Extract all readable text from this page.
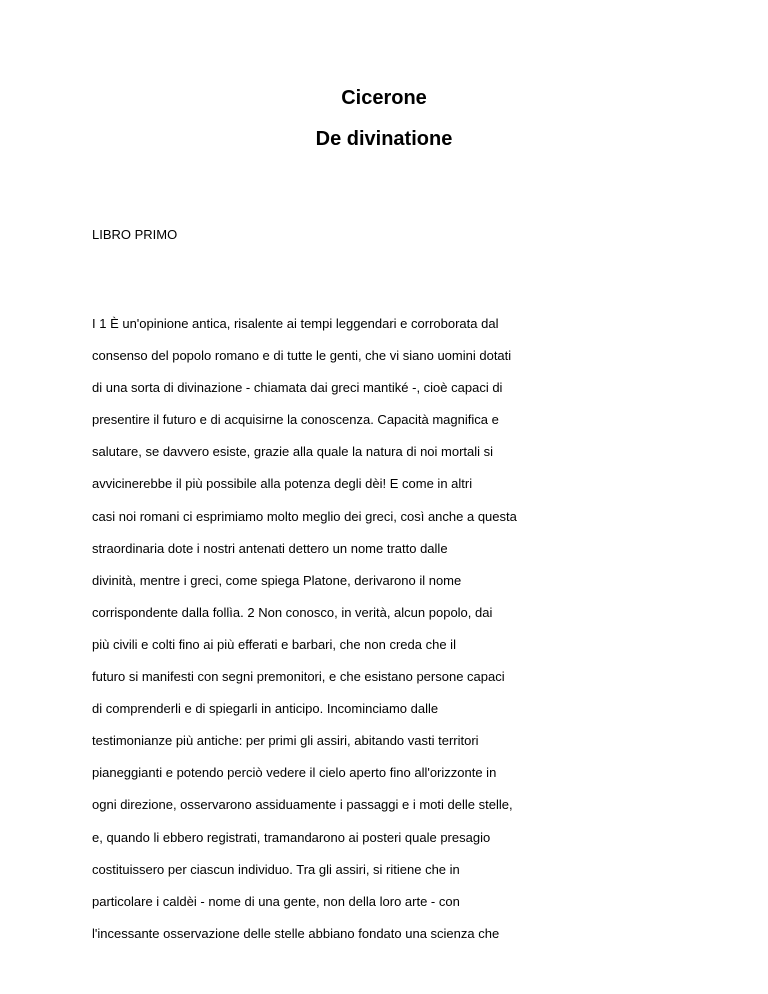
Cicerone
De divinatione
LIBRO PRIMO
I 1 È un'opinione antica, risalente ai tempi leggendari e corroborata dal
consenso del popolo romano e di tutte le genti, che vi siano uomini dotati
di una sorta di divinazione - chiamata dai greci mantiké -, cioè capaci di
presentire il futuro e di acquisirne la conoscenza. Capacità magnifica e
salutare, se davvero esiste, grazie alla quale la natura di noi mortali si
avvicinerebbe il più possibile alla potenza degli dèi! E come in altri
casi noi romani ci esprimiamo molto meglio dei greci, così anche a questa
straordinaria dote i nostri antenati dettero un nome tratto dalle
divinità, mentre i greci, come spiega Platone, derivarono il nome
corrispondente dalla follìa. 2 Non conosco, in verità, alcun popolo, dai
più civili e colti fino ai più efferati e barbari, che non creda che il
futuro si manifesti con segni premonitori, e che esistano persone capaci
di comprenderli e di spiegarli in anticipo. Incominciamo dalle
testimonianze più antiche: per primi gli assiri, abitando vasti territori
pianeggianti e potendo perciò vedere il cielo aperto fino all'orizzonte in
ogni direzione, osservarono assiduamente i passaggi e i moti delle stelle,
e, quando li ebbero registrati, tramandarono ai posteri quale presagio
costituissero per ciascun individuo. Tra gli assiri, si ritiene che in
particolare i caldèi - nome di una gente, non della loro arte - con
l'incessante osservazione delle stelle abbiano fondato una scienza che
